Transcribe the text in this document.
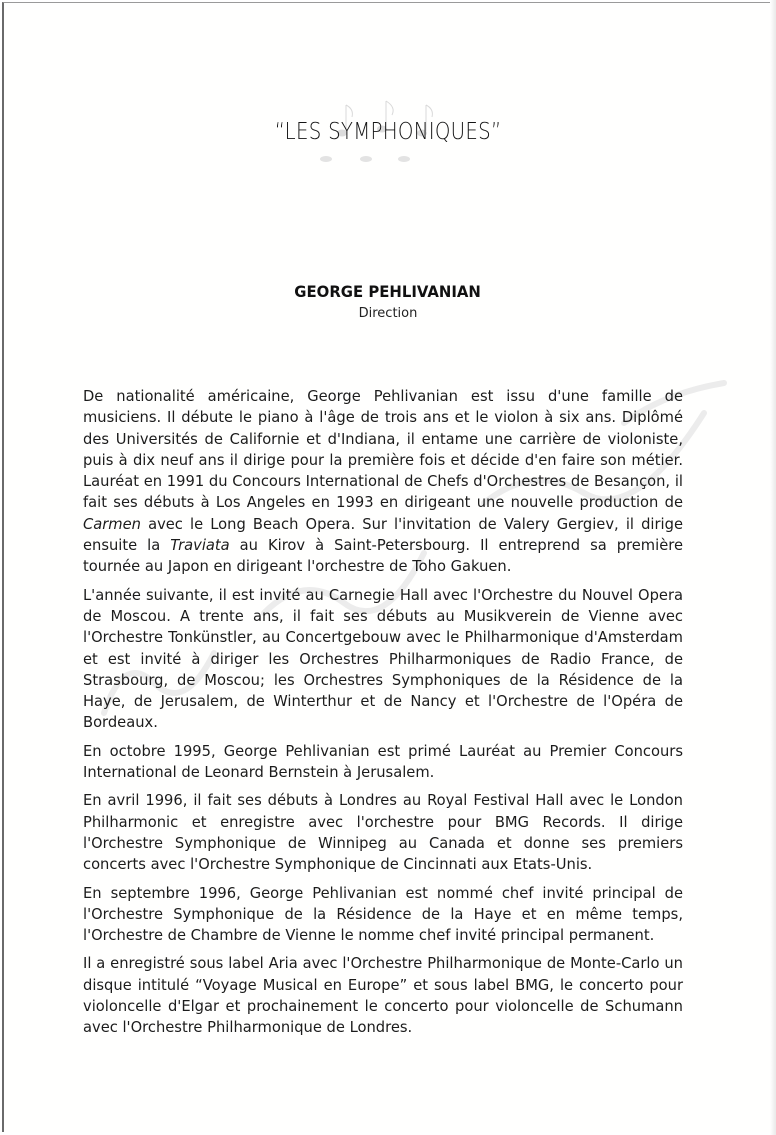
“LES SYMPHONIQUES”
GEORGE PEHLIVANIAN
Direction

De nationalité américaine, George Pehlivanian est issu d'une famille de musiciens. Il débute le piano à l'âge de trois ans et le violon à six ans. Diplômé des Universités de Californie et d'Indiana, il entame une carrière de violoniste, puis à dix neuf ans il dirige pour la première fois et décide d'en faire son métier. Lauréat en 1991 du Concours International de Chefs d'Orchestres de Besançon, il fait ses débuts à Los Angeles en 1993 en dirigeant une nouvelle production de Carmen avec le Long Beach Opera. Sur l'invitation de Valery Gergiev, il dirige ensuite la Traviata au Kirov à Saint-Petersbourg. Il entreprend sa première tournée au Japon en dirigeant l'orchestre de Toho Gakuen.

L'année suivante, il est invité au Carnegie Hall avec l'Orchestre du Nouvel Opera de Moscou. A trente ans, il fait ses débuts au Musikverein de Vienne avec l'Orchestre Tonkünstler, au Concertgebouw avec le Philharmonique d'Amsterdam et est invité à diriger les Orchestres Philharmoniques de Radio France, de Strasbourg, de Moscou; les Orchestres Symphoniques de la Résidence de la Haye, de Jerusalem, de Winterthur et de Nancy et l'Orchestre de l'Opéra de Bordeaux.

En octobre 1995, George Pehlivanian est primé Lauréat au Premier Concours International de Leonard Bernstein à Jerusalem.

En avril 1996, il fait ses débuts à Londres au Royal Festival Hall avec le London Philharmonic et enregistre avec l'orchestre pour BMG Records. Il dirige l'Orchestre Symphonique de Winnipeg au Canada et donne ses premiers concerts avec l'Orchestre Symphonique de Cincinnati aux Etats-Unis.

En septembre 1996, George Pehlivanian est nommé chef invité principal de l'Orchestre Symphonique de la Résidence de la Haye et en même temps, l'Orchestre de Chambre de Vienne le nomme chef invité principal permanent.

Il a enregistré sous label Aria avec l'Orchestre Philharmonique de Monte-Carlo un disque intitulé “Voyage Musical en Europe” et sous label BMG, le concerto pour violoncelle d'Elgar et prochainement le concerto pour violoncelle de Schumann avec l'Orchestre Philharmonique de Londres.
